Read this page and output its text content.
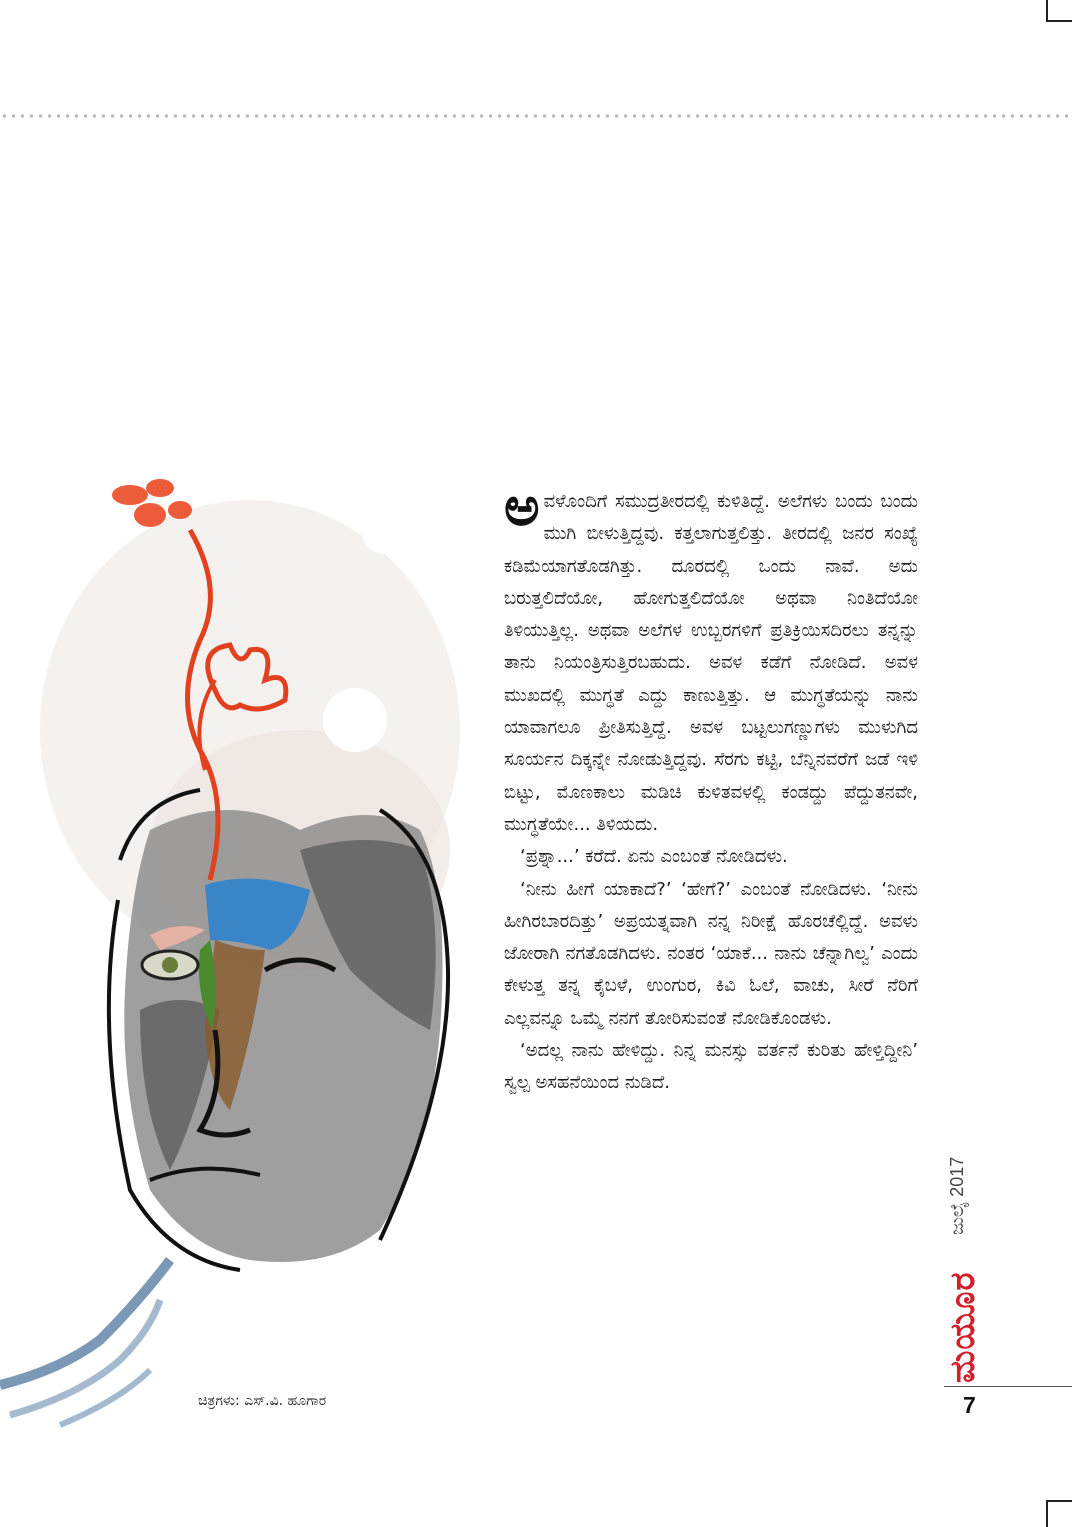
ಚಿತ್ರಗಳು: ಎಸ್.ವಿ. ಹೂಗಾರ

ಅವಳೊಂದಿಗೆ ಸಮುದ್ರತೀರದಲ್ಲಿ ಕುಳಿತಿದ್ದೆ. ಅಲೆಗಳು ಬಂದು ಬಂದು ಮುಗಿ ಬೀಳುತ್ತಿದ್ದವು. ಕತ್ತಲಾಗುತ್ತಲಿತ್ತು. ತೀರದಲ್ಲಿ ಜನರ ಸಂಖ್ಯೆ ಕಡಿಮೆಯಾಗತೊಡಗಿತ್ತು. ದೂರದಲ್ಲಿ ಒಂದು ನಾವೆ. ಅದು ಬರುತ್ತಲಿದೆಯೋ, ಹೋಗುತ್ತಲಿದೆಯೋ ಅಥವಾ ನಿಂತಿದೆಯೋ ತಿಳಿಯುತ್ತಿಲ್ಲ. ಅಥವಾ ಅಲೆಗಳ ಉಬ್ಬರಗಳಿಗೆ ಪ್ರತಿಕ್ರಿಯಿಸದಿರಲು ತನ್ನನ್ನು ತಾನು ನಿಯಂತ್ರಿಸುತ್ತಿರಬಹುದು. ಅವಳ ಕಡೆಗೆ ನೋಡಿದೆ. ಅವಳ ಮುಖದಲ್ಲಿ ಮುಗ್ಧತೆ ಎದ್ದು ಕಾಣುತ್ತಿತ್ತು. ಆ ಮುಗ್ಧತೆಯನ್ನು ನಾನು ಯಾವಾಗಲೂ ಪ್ರೀತಿಸುತ್ತಿದ್ದೆ. ಅವಳ ಬಟ್ಟಲುಗಣ್ಣುಗಳು ಮುಳುಗಿದ ಸೂರ್ಯನ ದಿಕ್ಕನ್ನೇ ನೋಡುತ್ತಿದ್ದವು. ಸೆರಗು ಕಟ್ಟಿ, ಬೆನ್ನಿನವರೆಗೆ ಜಡೆ ಇಳಿ ಬಿಟ್ಟು, ಮೊಣಕಾಲು ಮಡಿಚಿ ಕುಳಿತವಳಲ್ಲಿ ಕಂಡದ್ದು ಪೆದ್ದುತನವೇ, ಮುಗ್ಧತೆಯೇ... ತಿಳಿಯದು.

‘ಪ್ರಶ್ನಾ...’ ಕರೆದೆ. ಏನು ಎಂಬಂತೆ ನೋಡಿದಳು.

‘ನೀನು ಹೀಗೆ ಯಾಕಾದೆ?’ ‘ಹೇಗೆ?’ ಎಂಬಂತೆ ನೋಡಿದಳು. ‘ನೀನು ಹೀಗಿರಬಾರದಿತ್ತು’ ಅಪ್ರಯತ್ನವಾಗಿ ನನ್ನ ನಿರೀಕ್ಷೆ ಹೊರಚೆಲ್ಲಿದ್ದೆ. ಅವಳು ಜೋರಾಗಿ ನಗತೊಡಗಿದಳು. ನಂತರ ‘ಯಾಕೆ... ನಾನು ಚೆನ್ನಾಗಿಲ್ವ’ ಎಂದು ಕೇಳುತ್ತ ತನ್ನ ಕೈಬಳೆ, ಉಂಗುರ, ಕಿವಿ ಓಲೆ, ವಾಚು, ಸೀರೆ ನೆರಿಗೆ ಎಲ್ಲವನ್ನೂ ಒಮ್ಮೆ ನನಗೆ ತೋರಿಸುವಂತೆ ನೋಡಿಕೊಂಡಳು.

‘ಅದಲ್ಲ ನಾನು ಹೇಳಿದ್ದು. ನಿನ್ನ ಮನಸ್ಸು ವರ್ತನೆ ಕುರಿತು ಹೇಳ್ತಿದ್ದೀನಿ’ ಸ್ವಲ್ಪ ಅಸಹನೆಯಿಂದ ನುಡಿದೆ.

ಜುಲೈ 2017
ಮಯೂರ
7
